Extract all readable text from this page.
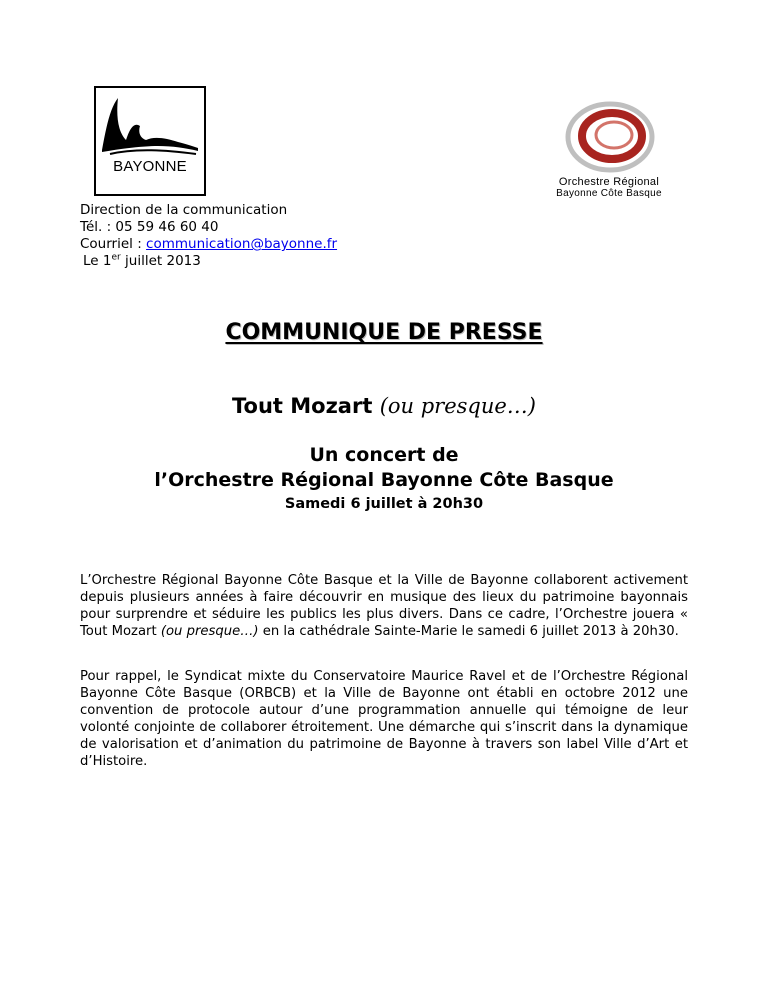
BAYONNE
Orchestre Régional
Bayonne Côte Basque
Direction de la communication
Tél. : 05 59 46 60 40
Courriel : communication@bayonne.fr
Le 1er juillet 2013
COMMUNIQUE DE PRESSE
Tout Mozart (ou presque…)
Un concert de
l’Orchestre Régional Bayonne Côte Basque
Samedi 6 juillet à 20h30
L’Orchestre Régional Bayonne Côte Basque et la Ville de Bayonne collaborent activement depuis plusieurs années à faire découvrir en musique des lieux du patrimoine bayonnais pour surprendre et séduire les publics les plus divers. Dans ce cadre, l’Orchestre jouera « Tout Mozart (ou presque…) en la cathédrale Sainte-Marie le samedi 6 juillet 2013 à 20h30.
Pour rappel, le Syndicat mixte du Conservatoire Maurice Ravel et de l’Orchestre Régional Bayonne Côte Basque (ORBCB) et la Ville de Bayonne ont établi en octobre 2012 une convention de protocole autour d’une programmation annuelle qui témoigne de leur volonté conjointe de collaborer étroitement. Une démarche qui s’inscrit dans la dynamique de valorisation et d’animation du patrimoine de Bayonne à travers son label Ville d’Art et d’Histoire.
